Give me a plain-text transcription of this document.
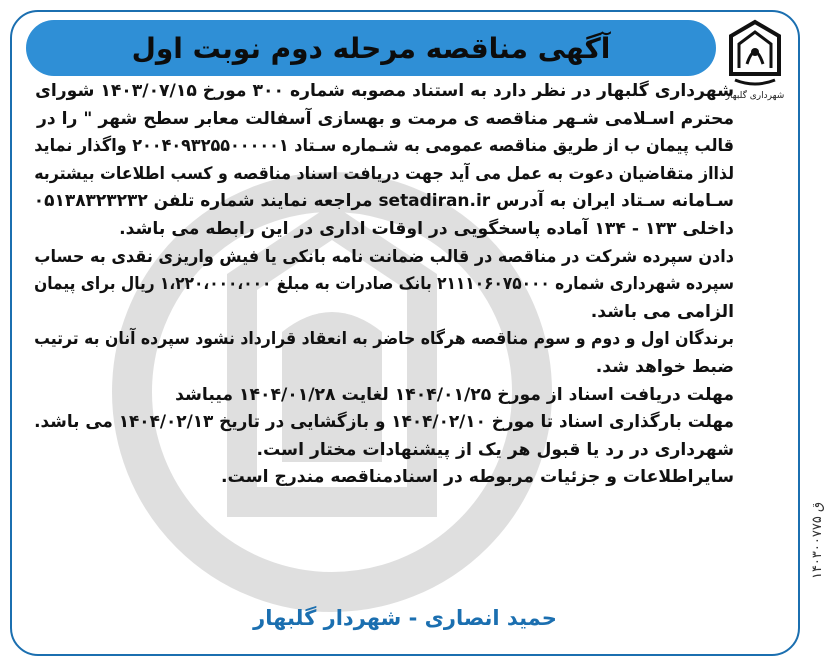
آگهی مناقصه مرحله دوم نوبت اول
شهرداری گلبهار
شهرداری گلبهار در نظر دارد به استناد مصوبه شماره ۳۰۰ مورخ ۱۴۰۳/۰۷/۱۵ شورای
محترم اسـلامی شـهر مناقصه ی مرمت و بهسازی آسفالت معابر سطح شهر " را در
قالب پیمان ب از طریق مناقصه عمومی به شـماره سـتاد ۲۰۰۴۰۹۳۲۵۵۰۰۰۰۰۱ واگذار نماید
لذااز متقاضیان دعوت به عمل می آید جهت دریافت اسناد مناقصه و کسب اطلاعات بیشتربه
سـامانه سـتاد ایران به آدرس setadiran.ir مراجعه نمایند شماره تلفن ۰۵۱۳۸۳۲۳۲۳۲
داخلی ۱۳۳ - ۱۳۴ آماده پاسخگویی در اوقات اداری در این رابطه می باشد.
دادن سپرده شرکت در مناقصه در قالب ضمانت نامه بانکی یا فیش واریزی نقدی به حساب
سپرده شهرداری شماره ۲۱۱۱۰۶۰۷۵۰۰۰ بانک صادرات به مبلغ ۱،۲۲۰،۰۰۰،۰۰۰ ریال برای پیمان
الزامی می باشد.
برندگان اول و دوم و سوم مناقصه هرگاه حاضر به انعقاد قرارداد نشود سپرده آنان به ترتیب
ضبط خواهد شد.
مهلت دریافت اسناد از مورخ ۱۴۰۴/۰۱/۲۵ لغایت ۱۴۰۴/۰۱/۲۸ میباشد
مهلت بارگذاری اسناد تا مورخ ۱۴۰۴/۰۲/۱۰ و بازگشایی در تاریخ ۱۴۰۴/۰۲/۱۳ می باشد.
شهرداری در رد یا قبول هر یک از پیشنهادات مختار است.
سایراطلاعات و جزئیات مربوطه در اسنادمناقصه مندرج است.
حمید انصاری - شهردار گلبهار
ق ۱۴۰۳۰۰۷۷۵
